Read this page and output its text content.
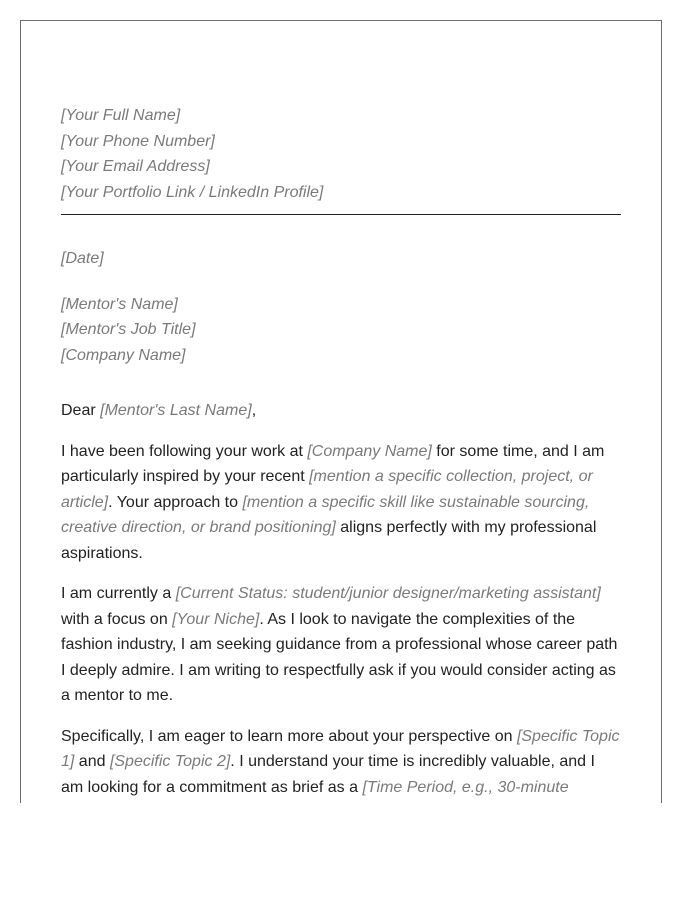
[Your Full Name]
[Your Phone Number]
[Your Email Address]
[Your Portfolio Link / LinkedIn Profile]
[Date]
[Mentor's Name]
[Mentor's Job Title]
[Company Name]
Dear [Mentor's Last Name],

I have been following your work at [Company Name] for some time, and I am particularly inspired by your recent [mention a specific collection, project, or article]. Your approach to [mention a specific skill like sustainable sourcing, creative direction, or brand positioning] aligns perfectly with my professional aspirations.

I am currently a [Current Status: student/junior designer/marketing assistant] with a focus on [Your Niche]. As I look to navigate the complexities of the fashion industry, I am seeking guidance from a professional whose career path I deeply admire. I am writing to respectfully ask if you would consider acting as a mentor to me.

Specifically, I am eager to learn more about your perspective on [Specific Topic 1] and [Specific Topic 2]. I understand your time is incredibly valuable, and I am looking for a commitment as brief as a [Time Period, e.g., 30-minute
